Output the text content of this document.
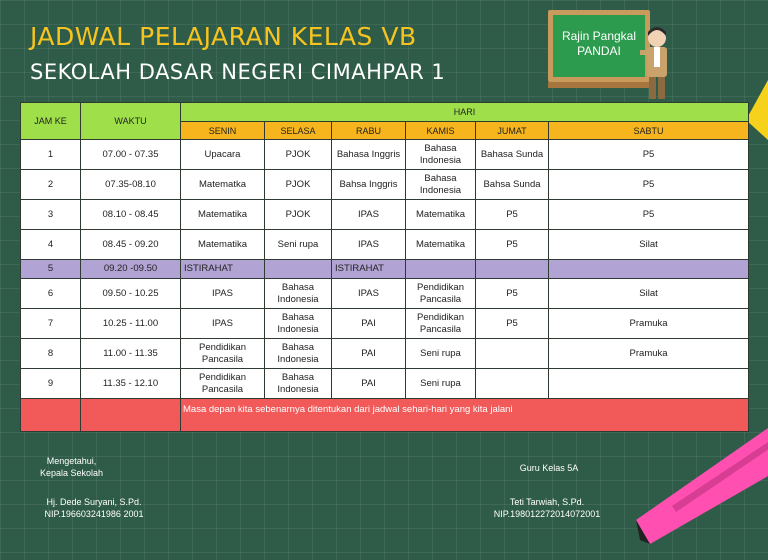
JADWAL PELAJARAN KELAS VB
SEKOLAH DASAR NEGERI CIMAHPAR 1
Rajin Pangkal
PANDAI
JAM KE	WAKTU	HARI					
		SENIN	SELASA	RABU	KAMIS	JUMAT	SABTU
1	07.00 - 07.35	Upacara	PJOK	Bahasa Inggris	Bahasa
Indonesia	Bahasa Sunda	P5
2	07.35-08.10	Matematka	PJOK	Bahsa Inggris	Bahasa
Indonesia	Bahsa Sunda	P5
3	08.10 - 08.45	Matematika	PJOK	IPAS	Matematika	P5	P5
4	08.45 - 09.20	Matematika	Seni rupa	IPAS	Matematika	P5	Silat
5	09.20 -09.50	ISTIRAHAT		ISTIRAHAT			
6	09.50 - 10.25	IPAS	Bahasa
Indonesia	IPAS	Pendidikan
Pancasila	P5	Silat
7	10.25 - 11.00	IPAS	Bahasa
Indonesia	PAI	Pendidikan
Pancasila	P5	Pramuka
8	11.00 - 11.35	Pendidikan
Pancasila	Bahasa
Indonesia	PAI	Seni rupa		Pramuka
9	11.35 - 12.10	Pendidikan
Pancasila	Bahasa
Indonesia	PAI	Seni rupa		
		Masa depan kita sebenarnya ditentukan dari jadwal sehari-hari yang kita jalani					
Mengetahui,
Kepala Sekolah
Hj. Dede Suryani, S.Pd.
NIP.196603241986 2001
Guru Kelas 5A
Teti Tarwiah, S.Pd.
NIP.198012272014072001
